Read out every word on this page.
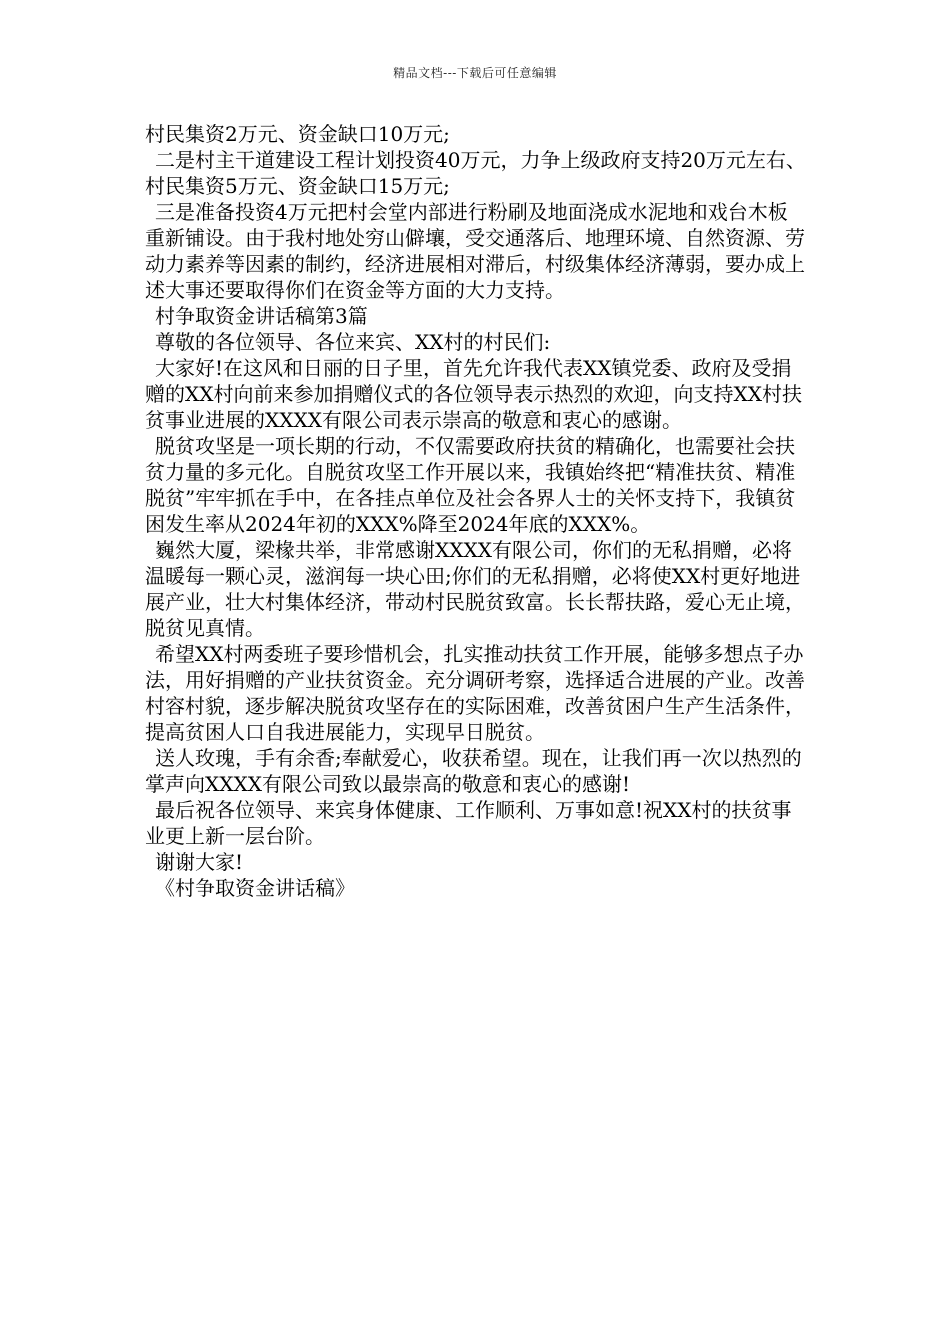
精品文档---下载后可任意编辑

村民集资2万元、资金缺口10万元;

二是村主干道建设工程计划投资40万元，力争上级政府支持20万元左右、村民集资5万元、资金缺口15万元;

三是准备投资4万元把村会堂内部进行粉刷及地面浇成水泥地和戏台木板重新铺设。由于我村地处穷山僻壤，受交通落后、地理环境、自然资源、劳动力素养等因素的制约，经济进展相对滞后，村级集体经济薄弱，要办成上述大事还要取得你们在资金等方面的大力支持。

村争取资金讲话稿第3篇

尊敬的各位领导、各位来宾、XX村的村民们:

大家好!在这风和日丽的日子里，首先允许我代表XX镇党委、政府及受捐赠的XX村向前来参加捐赠仪式的各位领导表示热烈的欢迎，向支持XX村扶贫事业进展的XXXX有限公司表示崇高的敬意和衷心的感谢。

脱贫攻坚是一项长期的行动，不仅需要政府扶贫的精确化，也需要社会扶贫力量的多元化。自脱贫攻坚工作开展以来，我镇始终把“精准扶贫、精准脱贫”牢牢抓在手中，在各挂点单位及社会各界人士的关怀支持下，我镇贫困发生率从2024年初的XXX%降至2024年底的XXX%。

巍然大厦，梁椽共举，非常感谢XXXX有限公司，你们的无私捐赠，必将温暖每一颗心灵，滋润每一块心田;你们的无私捐赠，必将使XX村更好地进展产业，壮大村集体经济，带动村民脱贫致富。长长帮扶路，爱心无止境，脱贫见真情。

希望XX村两委班子要珍惜机会，扎实推动扶贫工作开展，能够多想点子办法，用好捐赠的产业扶贫资金。充分调研考察，选择适合进展的产业。改善村容村貌，逐步解决脱贫攻坚存在的实际困难，改善贫困户生产生活条件，提高贫困人口自我进展能力，实现早日脱贫。

送人玫瑰，手有余香;奉献爱心，收获希望。现在，让我们再一次以热烈的掌声向XXXX有限公司致以最崇高的敬意和衷心的感谢!

最后祝各位领导、来宾身体健康、工作顺利、万事如意!祝XX村的扶贫事业更上新一层台阶。

谢谢大家!

《村争取资金讲话稿》
